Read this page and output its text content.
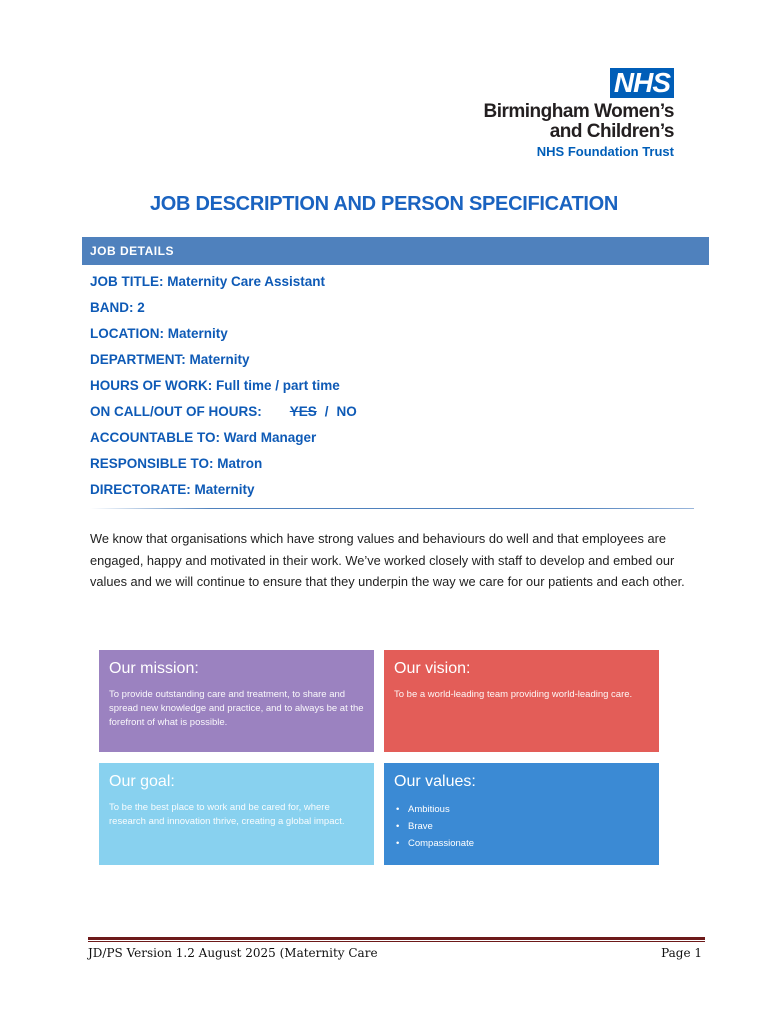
NHS
Birmingham Women’s
and Children’s
NHS Foundation Trust
JOB DESCRIPTION AND PERSON SPECIFICATION
JOB DETAILS
JOB TITLE: Maternity Care Assistant
BAND: 2
LOCATION: Maternity
DEPARTMENT: Maternity
HOURS OF WORK: Full time / part time
ON CALL/OUT OF HOURS: YES / NO
ACCOUNTABLE TO: Ward Manager
RESPONSIBLE TO: Matron
DIRECTORATE: Maternity
We know that organisations which have strong values and behaviours do well and that employees are engaged, happy and motivated in their work. We’ve worked closely with staff to develop and embed our values and we will continue to ensure that they underpin the way we care for our patients and each other.
Our mission:

To provide outstanding care and treatment, to share and spread new knowledge and practice, and to always be at the forefront of what is possible.

Our vision:

To be a world-leading team providing world-leading care.

Our goal:

To be the best place to work and be cared for, where research and innovation thrive, creating a global impact.

Our values:
• Ambitious
• Brave
• Compassionate
JD/PS Version 1.2 August 2025 (Maternity Care	Page 1
